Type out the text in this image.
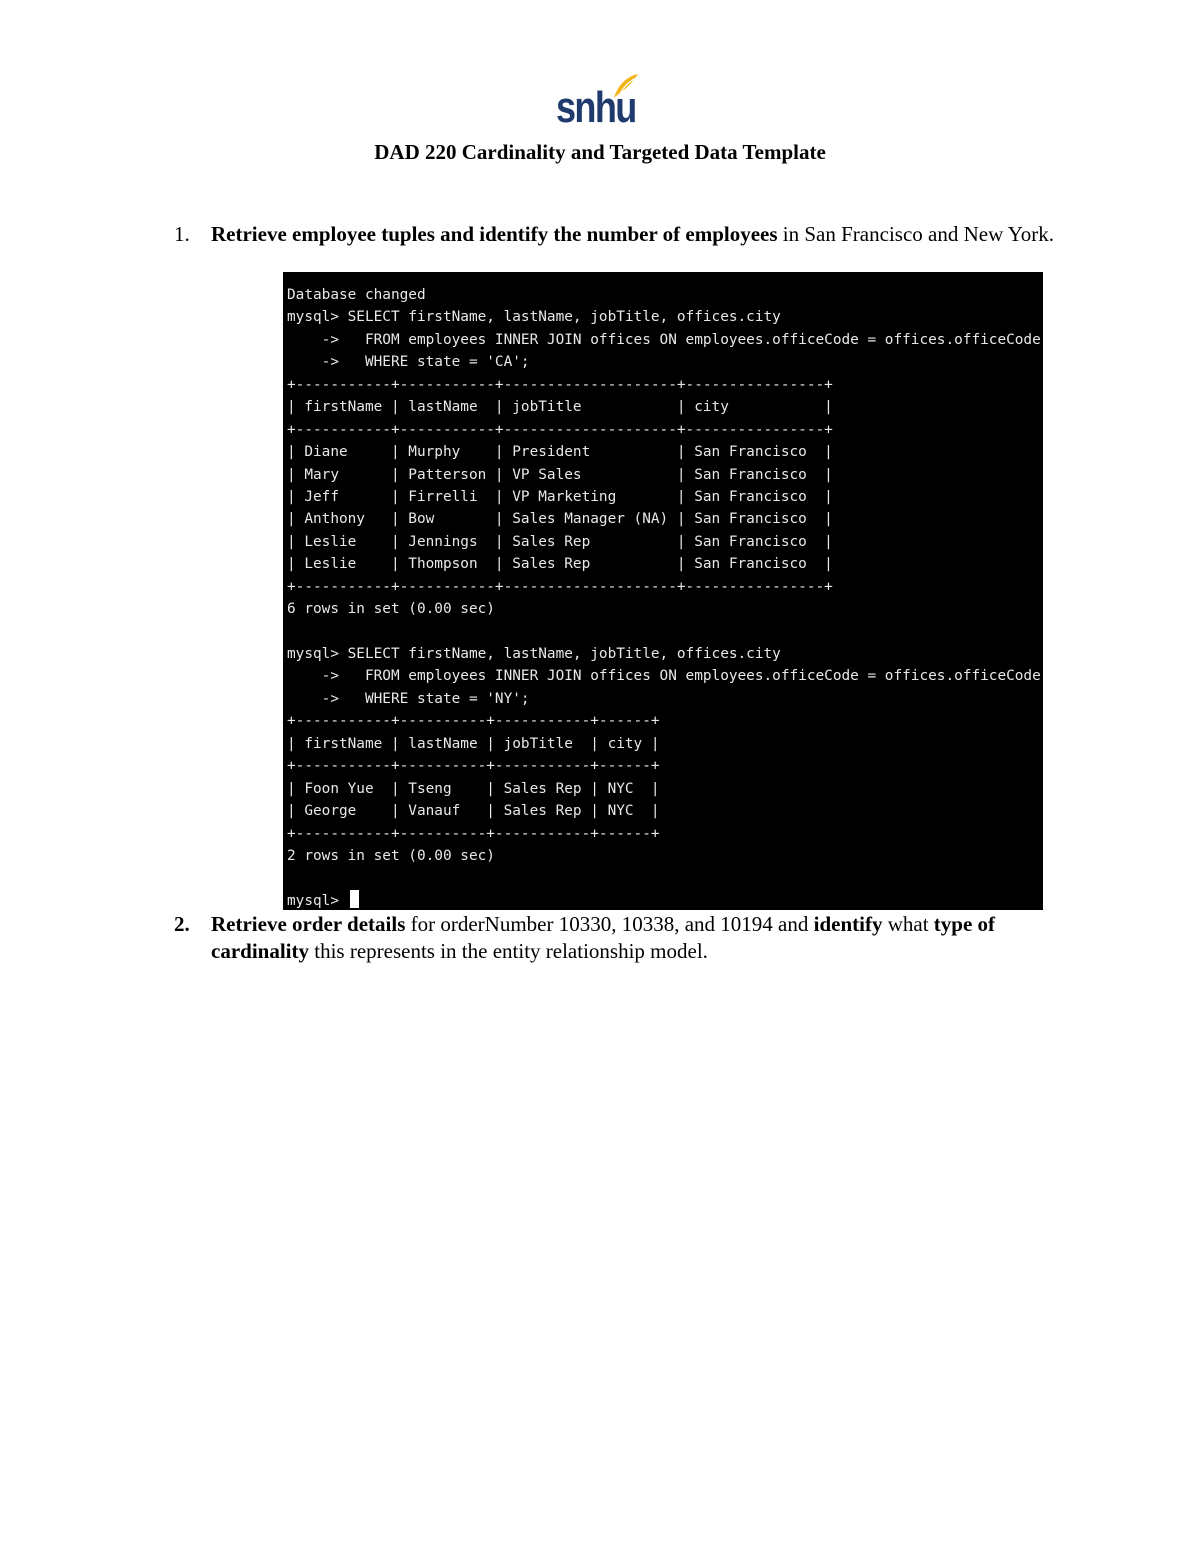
snhu
DAD 220 Cardinality and Targeted Data Template
1. Retrieve employee tuples and identify the number of employees in San Francisco and New York.
Database changed
mysql> SELECT firstName, lastName, jobTitle, offices.city
->   FROM employees INNER JOIN offices ON employees.officeCode = offices.officeCode
->   WHERE state = 'CA';
+-----------+-----------+--------------------+----------------+
| firstName | lastName  | jobTitle           | city           |
+-----------+-----------+--------------------+----------------+
| Diane     | Murphy    | President          | San Francisco  |
| Mary      | Patterson | VP Sales           | San Francisco  |
| Jeff      | Firrelli  | VP Marketing       | San Francisco  |
| Anthony   | Bow       | Sales Manager (NA) | San Francisco  |
| Leslie    | Jennings  | Sales Rep          | San Francisco  |
| Leslie    | Thompson  | Sales Rep          | San Francisco  |
+-----------+-----------+--------------------+----------------+
6 rows in set (0.00 sec)
mysql> SELECT firstName, lastName, jobTitle, offices.city
->   FROM employees INNER JOIN offices ON employees.officeCode = offices.officeCode
->   WHERE state = 'NY';
+-----------+----------+-----------+------+
| firstName | lastName | jobTitle  | city |
+-----------+----------+-----------+------+
| Foon Yue  | Tseng    | Sales Rep | NYC  |
| George    | Vanauf   | Sales Rep | NYC  |
+-----------+----------+-----------+------+
2 rows in set (0.00 sec)
mysql>
2. Retrieve order details for orderNumber 10330, 10338, and 10194 and identify what type of cardinality this represents in the entity relationship model.
